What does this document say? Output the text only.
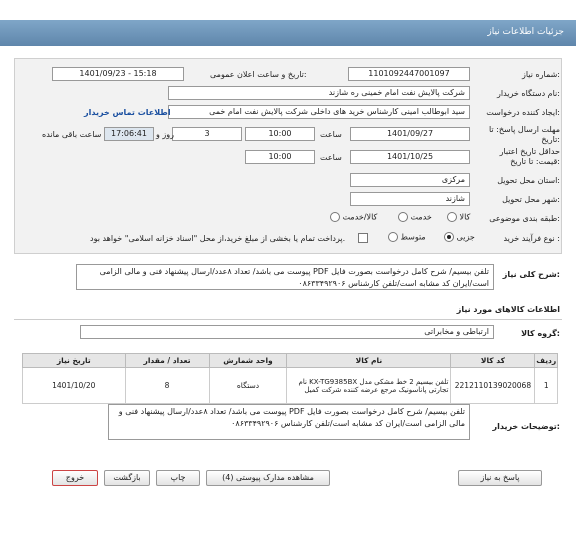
جزئیات اطلاعات نیاز
شماره نیاز:
1101092447001097
تاریخ و ساعت اعلان عمومی:
1401/09/23 - 15:18
نام دستگاه خریدار:
شرکت پالایش نفت امام خمینی ره شازند
ایجاد کننده درخواست:
سید ابوطالب امینی کارشناس خرید های داخلی شرکت پالایش نفت امام خمی
اطلاعات تماس خریدار
مهلت ارسال پاسخ: تا تاریخ:
1401/09/27
ساعت
10:00
3
روز و
17:06:41
ساعت باقی مانده
حداقل تاریخ اعتبار قیمت: تا تاریخ:
1401/10/25
ساعت
10:00
استان محل تحویل:
مرکزی
شهر محل تحویل:
شازند
طبقه بندی موضوعی:
کالا
خدمت
کالا/خدمت
نوع فرآیند خرید :
جزیی
متوسط
پرداخت تمام یا بخشی از مبلغ خرید،از محل "اسناد خزانه اسلامی" خواهد بود.
شرح کلی نیاز:
تلفن بیسیم/ شرح کامل درخواست بصورت فایل PDF پیوست می باشد/ تعداد ۸عدد/ارسال پیشنهاد فنی و مالی الزامی است/ایران کد مشابه است/تلفن کارشناس ۰۸۶۳۳۴۹۲۹۰۶
اطلاعات کالاهای مورد نیاز
گروه کالا:
ارتباطی و مخابراتی
ردیف	کد کالا	نام کالا	واحد شمارش	تعداد / مقدار	تاریخ نیاز
1	2212110139020068	تلفن بیسیم 2 خط مشکی مدل KX-TG9385BX نام تجارتی پاناسونیک مرجع عرضه کننده شرکت کمیل	دستگاه	8	1401/10/20
توضیحات خریدار:
تلفن بیسیم/ شرح کامل درخواست بصورت فایل PDF پیوست می باشد/ تعداد ۸عدد/ارسال پیشنهاد فنی و مالی الزامی است/ایران کد مشابه است/تلفن کارشناس ۰۸۶۳۳۴۹۲۹۰۶
پاسخ به نیاز
مشاهده مدارک پیوستی (4)
چاپ
بازگشت
خروج
